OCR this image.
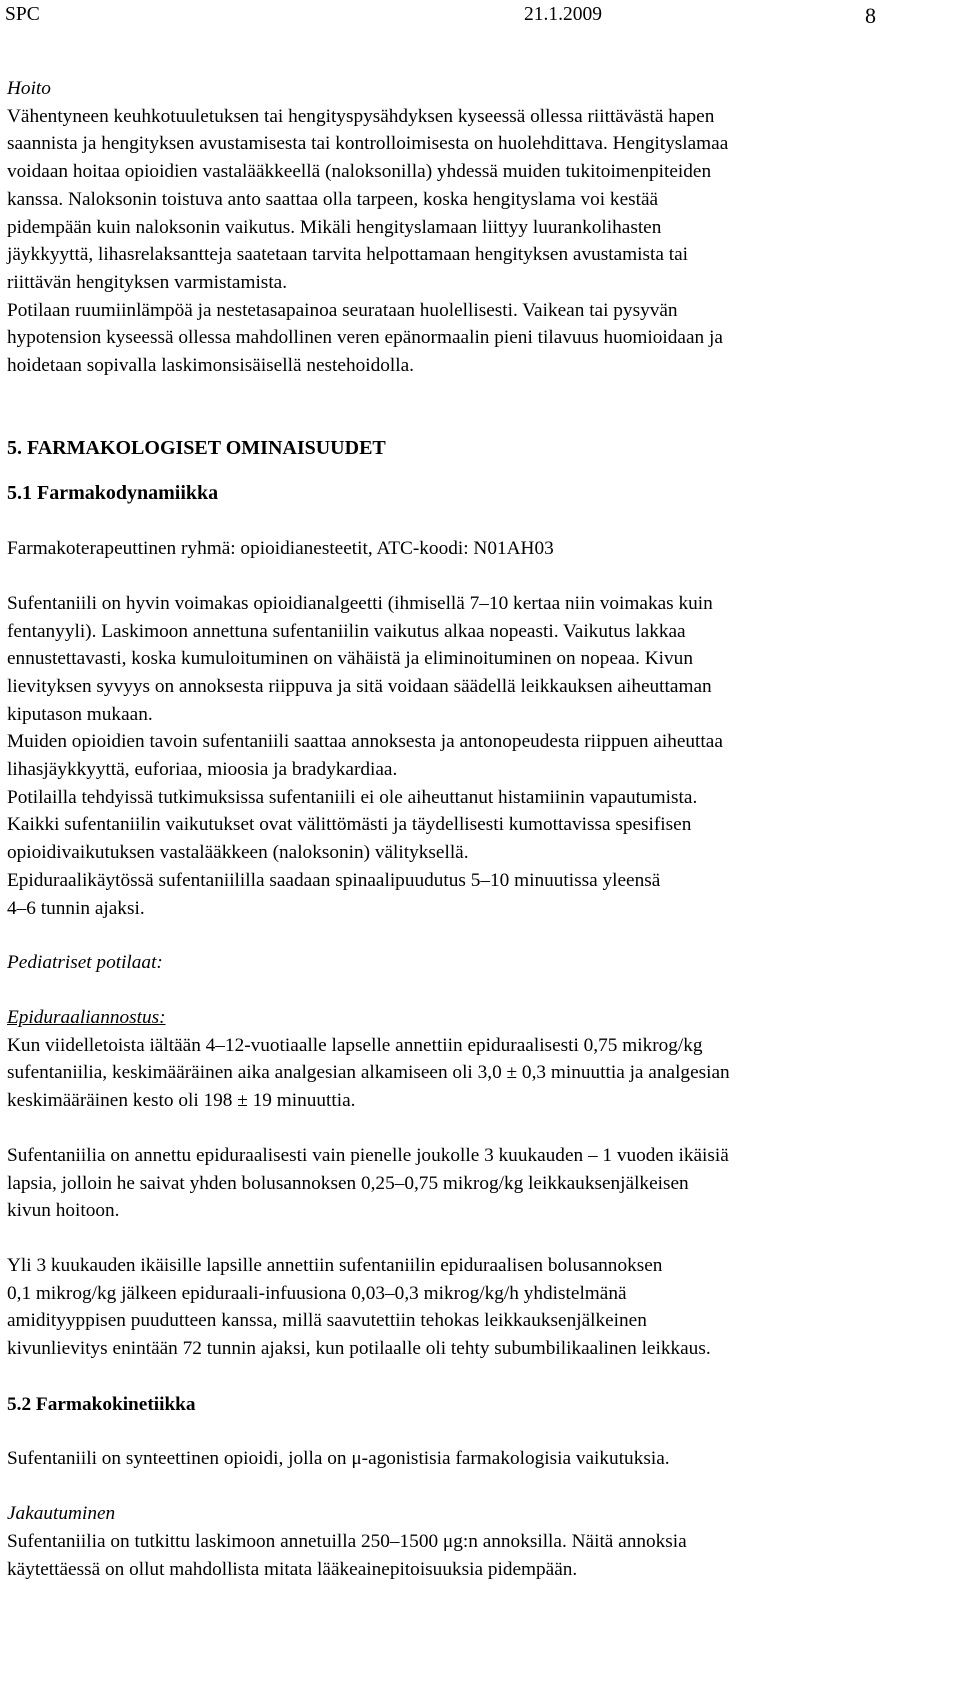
SPC	21.1.2009	8

Hoito

Vähentyneen keuhkotuuletuksen tai hengityspysähdyksen kyseessä ollessa riittävästä hapen

saannista ja hengityksen avustamisesta tai kontrolloimisesta on huolehdittava. Hengityslamaa

voidaan hoitaa opioidien vastalääkkeellä (naloksonilla) yhdessä muiden tukitoimenpiteiden

kanssa. Naloksonin toistuva anto saattaa olla tarpeen, koska hengityslama voi kestää

pidempään kuin naloksonin vaikutus. Mikäli hengityslamaan liittyy luurankolihasten

jäykkyyttä, lihasrelaksantteja saatetaan tarvita helpottamaan hengityksen avustamista tai

riittävän hengityksen varmistamista.

Potilaan ruumiinlämpöä ja nestetasapainoa seurataan huolellisesti. Vaikean tai pysyvän

hypotension kyseessä ollessa mahdollinen veren epänormaalin pieni tilavuus huomioidaan ja

hoidetaan sopivalla laskimonsisäisellä nestehoidolla.

5. FARMAKOLOGISET OMINAISUUDET

5.1 Farmakodynamiikka

Farmakoterapeuttinen ryhmä: opioidianesteetit, ATC-koodi: N01AH03

Sufentaniili on hyvin voimakas opioidianalgeetti (ihmisellä 7–10 kertaa niin voimakas kuin

fentanyyli). Laskimoon annettuna sufentaniilin vaikutus alkaa nopeasti. Vaikutus lakkaa

ennustettavasti, koska kumuloituminen on vähäistä ja eliminoituminen on nopeaa. Kivun

lievityksen syvyys on annoksesta riippuva ja sitä voidaan säädellä leikkauksen aiheuttaman

kiputason mukaan.

Muiden opioidien tavoin sufentaniili saattaa annoksesta ja antonopeudesta riippuen aiheuttaa

lihasjäykkyyttä, euforiaa, mioosia ja bradykardiaa.

Potilailla tehdyissä tutkimuksissa sufentaniili ei ole aiheuttanut histamiinin vapautumista.

Kaikki sufentaniilin vaikutukset ovat välittömästi ja täydellisesti kumottavissa spesifisen

opioidivaikutuksen vastalääkkeen (naloksonin) välityksellä.

Epiduraalikäytössä sufentaniililla saadaan spinaalipuudutus 5–10 minuutissa yleensä

4–6 tunnin ajaksi.

Pediatriset potilaat:

Epiduraaliannostus:

Kun viidelletoista iältään 4–12-vuotiaalle lapselle annettiin epiduraalisesti 0,75 mikrog/kg

sufentaniilia, keskimääräinen aika analgesian alkamiseen oli 3,0 ± 0,3 minuuttia ja analgesian

keskimääräinen kesto oli 198 ± 19 minuuttia.

Sufentaniilia on annettu epiduraalisesti vain pienelle joukolle 3 kuukauden – 1 vuoden ikäisiä

lapsia, jolloin he saivat yhden bolusannoksen 0,25–0,75 mikrog/kg leikkauksenjälkeisen

kivun hoitoon.

Yli 3 kuukauden ikäisille lapsille annettiin sufentaniilin epiduraalisen bolusannoksen

0,1 mikrog/kg jälkeen epiduraali-infuusiona 0,03–0,3 mikrog/kg/h yhdistelmänä

amidityyppisen puudutteen kanssa, millä saavutettiin tehokas leikkauksenjälkeinen

kivunlievitys enintään 72 tunnin ajaksi, kun potilaalle oli tehty subumbilikaalinen leikkaus.

5.2 Farmakokinetiikka

Sufentaniili on synteettinen opioidi, jolla on μ-agonistisia farmakologisia vaikutuksia.

Jakautuminen

Sufentaniilia on tutkittu laskimoon annetuilla 250–1500 μg:n annoksilla. Näitä annoksia

käytettäessä on ollut mahdollista mitata lääkeainepitoisuuksia pidempään.
